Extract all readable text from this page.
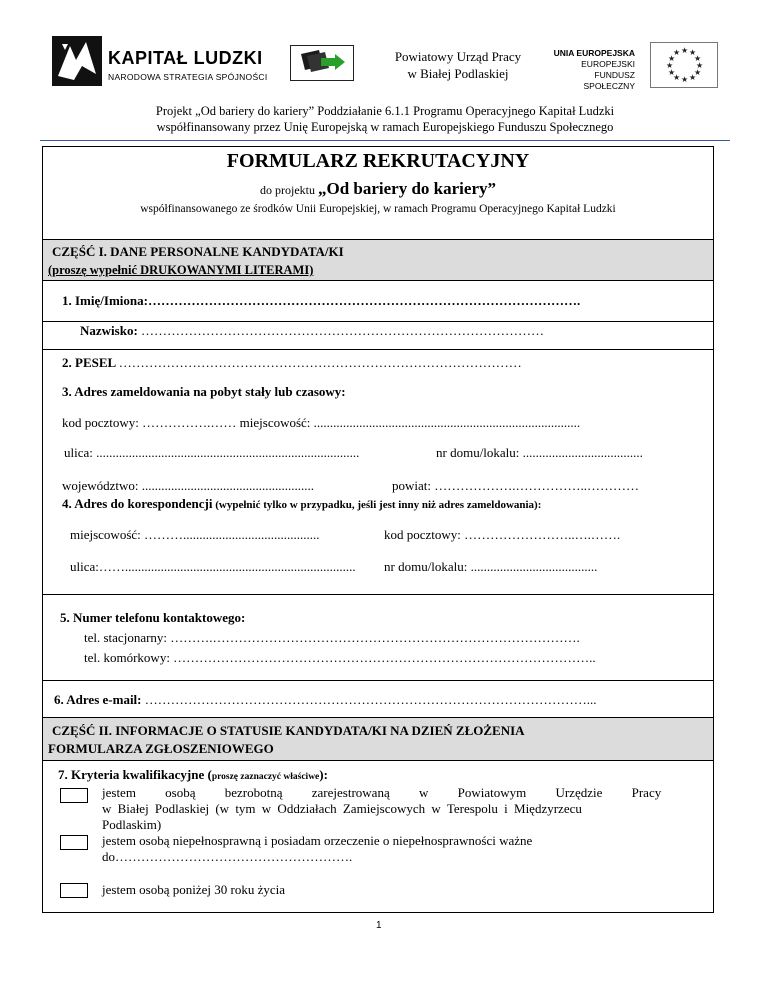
KAPITAŁ LUDZKI
NARODOWA STRATEGIA SPÓJNOŚCI
Powiatowy Urząd Pracy
w Białej Podlaskiej
UNIA EUROPEJSKA
EUROPEJSKI
FUNDUSZ SPOŁECZNY
★ ★
★
★
★
★
★
★
★
★
★
★
Projekt „Od bariery do kariery” Poddziałanie 6.1.1 Programu Operacyjnego Kapitał Ludzki
współfinansowany przez Unię Europejską w ramach Europejskiego Funduszu Społecznego
FORMULARZ REKRUTACYJNY
do projektu „Od bariery do kariery”
współfinansowanego ze środków Unii Europejskiej, w ramach Programu Operacyjnego Kapitał Ludzki
CZĘŚĆ I. DANE PERSONALNE KANDYDATA/KI
(proszę wypełnić DRUKOWANYMI LITERAMI)
1. Imię/Imiona:……………………………………………………………………………………….
Nazwisko: …………………………………………………………………………………
2. PESEL …………………………………………………………………………………
3. Adres zameldowania na pobyt stały lub czasowy:
kod pocztowy: …………….…… miejscowość: ..................................................................................
ulica: .................................................................................	nr domu/lokalu: .....................................
województwo: .....................................................	powiat: ……………….……………..…………
4. Adres do korespondencji (wypełnić tylko w przypadku, jeśli jest inny niż adres zameldowania):
miejscowość: ………..........................................	kod pocztowy: ……………………..….…….
ulica:……....................................................................... nr domu/lokalu: .......................................
5. Numer telefonu kontaktowego:
tel. stacjonarny: ……….………………………………………………………………………….
tel. komórkowy: ……………………………………………………………………………………..
6. Adres e-mail: …………………………………………………………………………………………...
CZĘŚĆ II. INFORMACJE O STATUSIE KANDYDATA/KI NA DZIEŃ ZŁOŻENIA
FORMULARZA ZGŁOSZENIOWEGO
7. Kryteria kwalifikacyjne (proszę zaznaczyć właściwe):
jestem osobą bezrobotną zarejestrowaną w Powiatowym Urzędzie Pracy
w Białej Podlaskiej (w tym w Oddziałach Zamiejscowych w Terespolu i Międzyrzecu
Podlaskim)
jestem osobą niepełnosprawną i posiadam orzeczenie o niepełnosprawności ważne
do……………………………………………….
jestem osobą poniżej 30 roku życia
1
